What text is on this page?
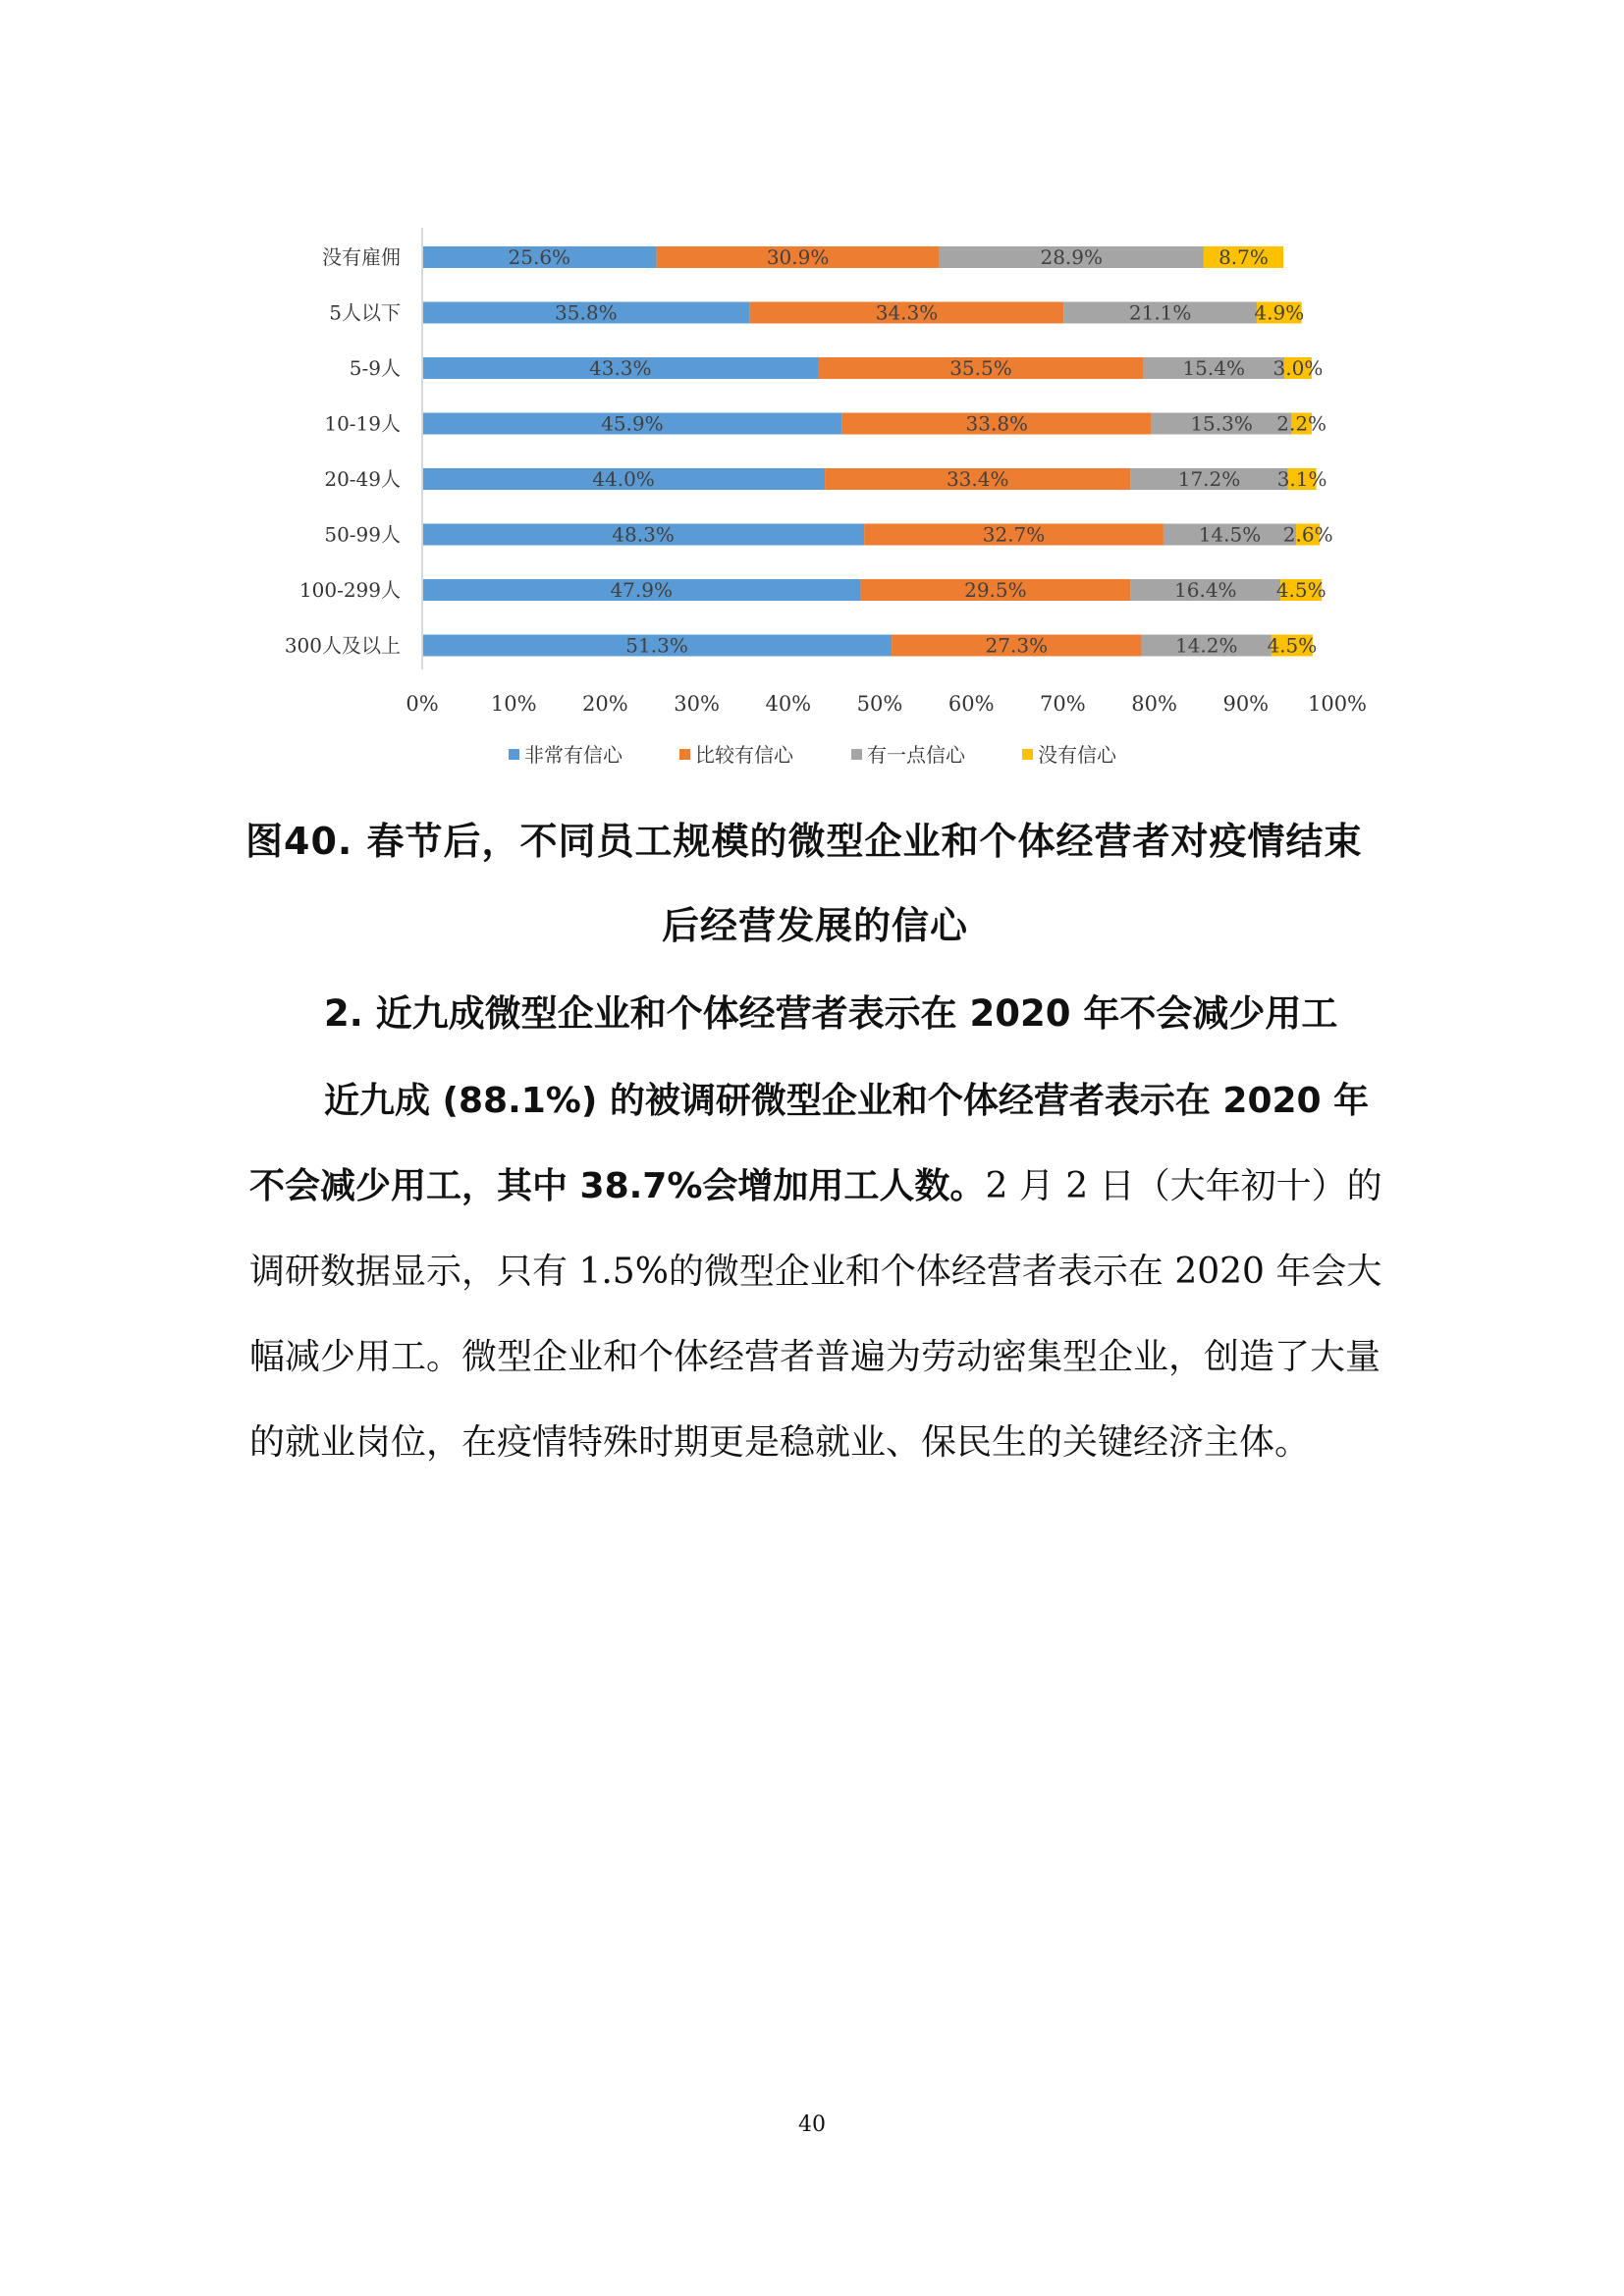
25.6%	30.9%	28.9%	8.7%
35.8%	34.3%	21.1%	4.9%
43.3%	35.5%	15.4% 3.0%
45.9%	33.8%	15.3% 2.2%
44.0%	33.4%	17.2% 3.1%
48.3%	32.7%	14.5% 2.6%
47.9%	29.5%	16.4% 4.5%
51.3%	27.3%	14.2% 4.5%
没有雇佣
5人以下
5-9人
10-19人
20-49人
50-99人
100-299人
300人及以上
0%	10% 20% 30% 40% 50% 60% 70% 80% 90% 100%
非常有信心	比较有信心	有一点信心	没有信心
图40. 春节后，不同员工规模的微型企业和个体经营者对疫情结束
后经营发展的信心
2. 近九成微型企业和个体经营者表示在 2020 年不会减少用工
近九成 (88.1%) 的被调研微型企业和个体经营者表示在 2020 年不会减少用工，其中 38.7%会增加用工人数。2 月 2 日（大年初十）的调研数据显示，只有 1.5%的微型企业和个体经营者表示在 2020 年会大幅减少用工。微型企业和个体经营者普遍为劳动密集型企业，创造了大量的就业岗位，在疫情特殊时期更是稳就业、保民生的关键经济主体。
40
